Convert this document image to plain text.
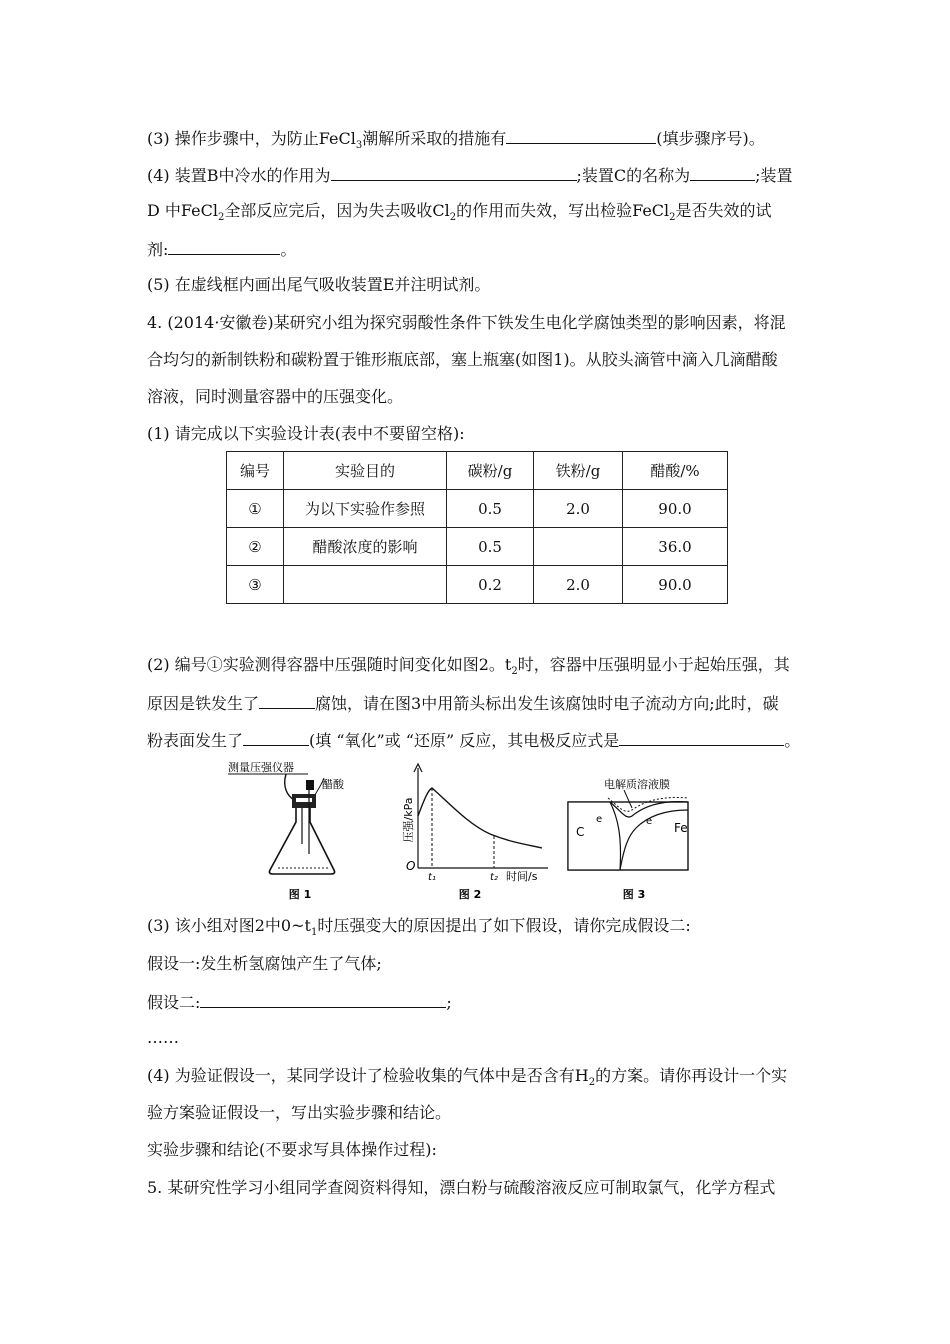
(3) 操作步骤中，为防止FeCl$_3$潮解所采取的措施有	(填步骤序号)。
(4) 装置B中冷水的作用为	;装置C的名称为	;装置
D 中FeCl$_2$全部反应完后，因为失去吸收$Cl_2$的作用而失效，写出检验FeCl$_2$是否失效的试
剂:	。
(5) 在虚线框内画出尾气吸收装置E并注明试剂。
4. (2014·安徽卷)某研究小组为探究弱酸性条件下铁发生电化学腐蚀类型的影响因素，将混
合均匀的新制铁粉和碳粉置于锥形瓶底部，塞上瓶塞(如图1)。从胶头滴管中滴入几滴醋酸
溶液，同时测量容器中的压强变化。
(1) 请完成以下实验设计表(表中不要留空格):
编号	实验目的	碳粉/g	铁粉/g	醋酸/%
①	为以下实验作参照	0.5	2.0	90.0
②	醋酸浓度的影响	0.5		36.0
③		0.2	2.0	90.0
(2) 编号①实验测得容器中压强随时间变化如图2。$t_2$时，容器中压强明显小于起始压强，其
原因是铁发生了	腐蚀，请在图3中用箭头标出发生该腐蚀时电子流动方向;此时，碳
粉表面发生了	(填 “氧化”或 “还原” 反应，其电极反应式是	。
测量压强仪器
醋酸
图 1
压强/kPa
O
t₁	t₂ 时间/s
图 2
电解质溶液膜
C	Fe
e	e
图 3
(3) 该小组对图2中$0\sim t_1$时压强变大的原因提出了如下假设，请你完成假设二:
假设一:发生析氢腐蚀产生了气体;
假设二:	;
……
(4) 为验证假设一，某同学设计了检验收集的气体中是否含有$H_2$的方案。请你再设计一个实
验方案验证假设一，写出实验步骤和结论。
实验步骤和结论(不要求写具体操作过程):
5. 某研究性学习小组同学查阅资料得知，漂白粉与硫酸溶液反应可制取氯气，化学方程式
